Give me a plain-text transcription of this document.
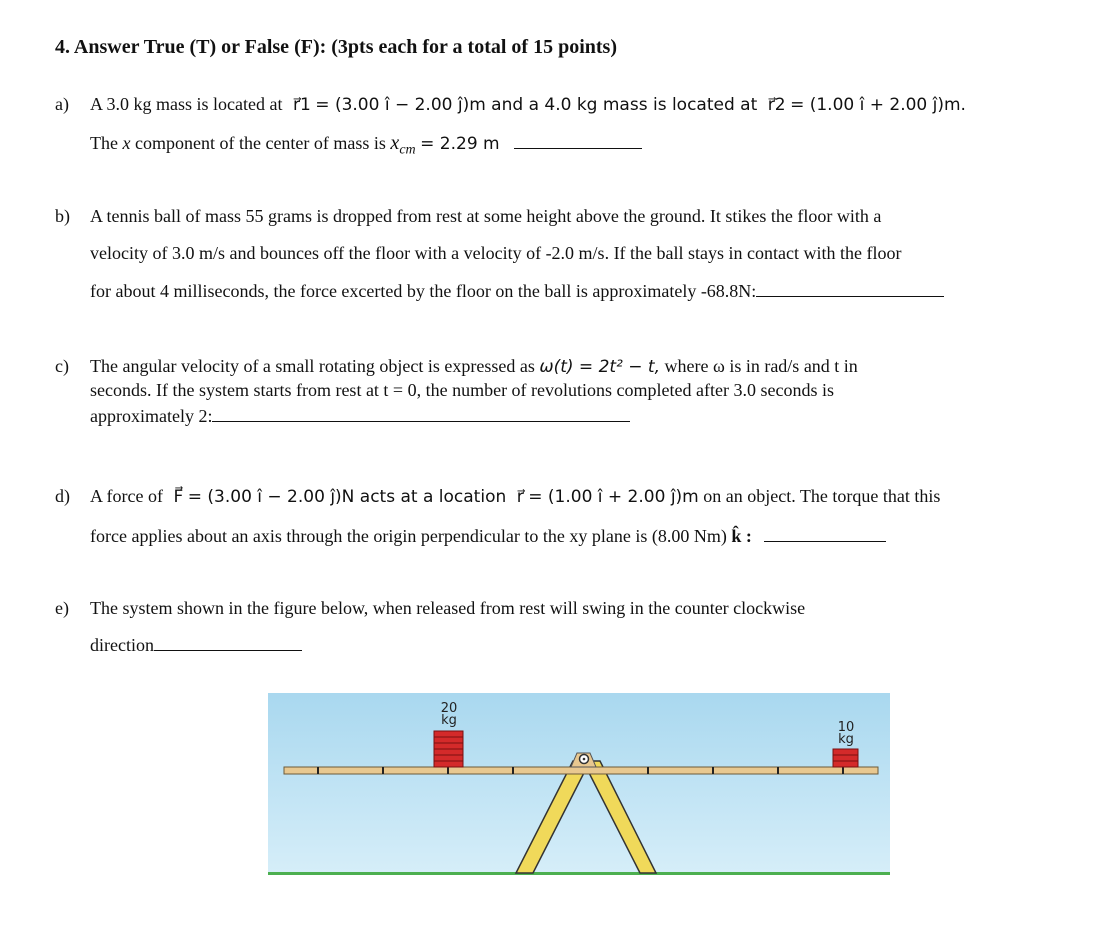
4. Answer True (T) or False (F): (3pts each for a total of 15 points)
a) A 3.0 kg mass is located at r⃗1 = (3.00 î − 2.00 ĵ)m and a 4.0 kg mass is located at r⃗2 = (1.00 î + 2.00 ĵ)m.
The x component of the center of mass is $x_{cm} = 2.29$ m
b) A tennis ball of mass 55 grams is dropped from rest at some height above the ground. It stikes the floor with a
velocity of 3.0 m/s and bounces off the floor with a velocity of -2.0 m/s. If the ball stays in contact with the floor
for about 4 milliseconds, the force excerted by the floor on the ball is approximately -68.8N:
c) The angular velocity of a small rotating object is expressed as ω(t) = 2t² − t, where ω is in rad/s and t in
seconds. If the system starts from rest at t = 0, the number of revolutions completed after 3.0 seconds is
approximately 2:
d) A force of F⃗ = (3.00 î − 2.00 ĵ)N acts at a location r⃗ = (1.00 î + 2.00 ĵ)m on an object. The torque that this
force applies about an axis through the origin perpendicular to the xy plane is (8.00 Nm) k̂ :
e) The system shown in the figure below, when released from rest will swing in the counter clockwise
direction
20
kg	10
kg
